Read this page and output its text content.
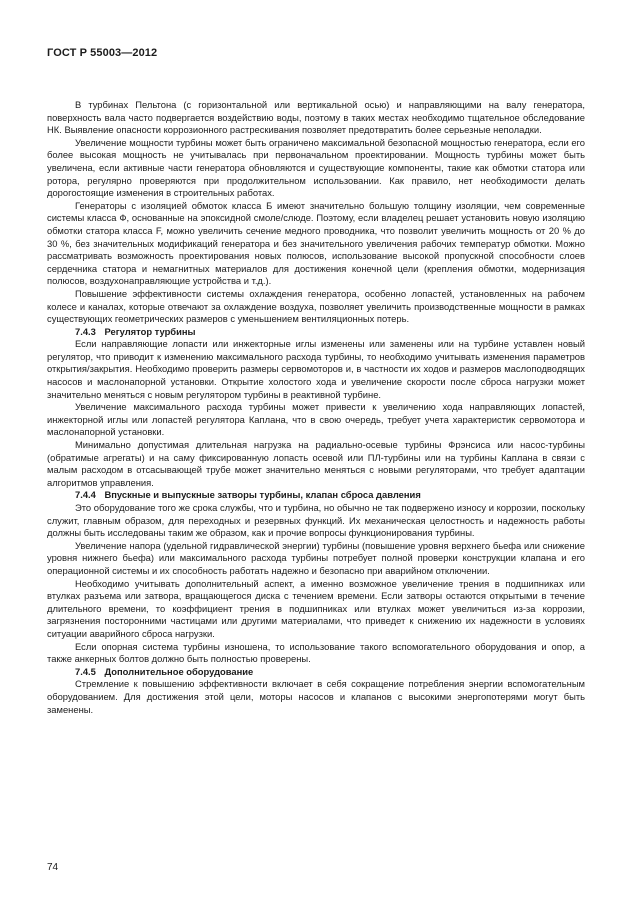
ГОСТ Р 55003—2012

В турбинах Пельтона (с горизонтальной или вертикальной осью) и направляющими на валу генератора, поверхность вала часто подвергается воздействию воды, поэтому в таких местах необходимо тщательное обследование НК. Выявление опасности коррозионного растрескивания позволяет предотвратить более серьезные неполадки.

Увеличение мощности турбины может быть ограничено максимальной безопасной мощностью генератора, если его более высокая мощность не учитывалась при первоначальном проектировании. Мощность турбины может быть увеличена, если активные части генератора обновляются и существующие компоненты, такие как обмотки статора или ротора, регулярно проверяются при продолжительном использовании. Как правило, нет необходимости делать дорогостоящие изменения в строительных работах.

Генераторы с изоляцией обмоток класса Б имеют значительно большую толщину изоляции, чем современные системы класса Ф, основанные на эпоксидной смоле/слюде. Поэтому, если владелец решает установить новую изоляцию обмотки статора класса F, можно увеличить сечение медного проводника, что позволит увеличить мощность от 20 % до 30 %, без значительных модификаций генератора и без значительного увеличения рабочих температур обмотки. Можно рассматривать возможность проектирования новых полюсов, использование высокой пропускной способности слоев сердечника статора и немагнитных материалов для достижения конечной цели (крепления обмотки, модернизация полюсов, воздухонаправляющие устройства и т.д.).

Повышение эффективности системы охлаждения генератора, особенно лопастей, установленных на рабочем колесе и каналах, которые отвечают за охлаждение воздуха, позволяет увеличить производственные мощности в рамках существующих геометрических размеров с уменьшением вентиляционных потерь.

7.4.3 Регулятор турбины

Если направляющие лопасти или инжекторные иглы изменены или заменены или на турбине уставлен новый регулятор, что приводит к изменению максимального расхода турбины, то необходимо учитывать изменения параметров открытия/закрытия. Необходимо проверить размеры сервомоторов и, в частности их ходов и размеров маслоподводящих насосов и маслонапорной установки. Открытие холостого хода и увеличение скорости после сброса нагрузки может значительно меняться с новым регулятором турбины в реактивной турбине.

Увеличение максимального расхода турбины может привести к увеличению хода направляющих лопастей, инжекторной иглы или лопастей регулятора Каплана, что в свою очередь, требует учета характеристик сервомотора и маслонапорной установки.

Минимально допустимая длительная нагрузка на радиально-осевые турбины Фрэнсиса или насос-турбины (обратимые агрегаты) и на саму фиксированную лопасть осевой или ПЛ-турбины или на турбины Каплана в связи с малым расходом в отсасывающей трубе может значительно меняться с новыми регуляторами, что требует адаптации алгоритмов управления.

7.4.4 Впускные и выпускные затворы турбины, клапан сброса давления

Это оборудование того же срока службы, что и турбина, но обычно не так подвержено износу и коррозии, поскольку служит, главным образом, для переходных и резервных функций. Их механическая целостность и надежность работы должны быть исследованы таким же образом, как и прочие вопросы функционирования турбины.

Увеличение напора (удельной гидравлической энергии) турбины (повышение уровня верхнего бьефа или снижение уровня нижнего бьефа) или максимального расхода турбины потребует полной проверки конструкции клапана и его операционной системы и их способность работать надежно и безопасно при аварийном отключении.

Необходимо учитывать дополнительный аспект, а именно возможное увеличение трения в подшипниках или втулках разъема или затвора, вращающегося диска с течением времени. Если затворы остаются открытыми в течение длительного времени, то коэффициент трения в подшипниках или втулках может увеличиться из-за коррозии, загрязнения посторонними частицами или другими материалами, что приведет к снижению их надежности в условиях ситуации аварийного сброса нагрузки.

Если опорная система турбины изношена, то использование такого вспомогательного оборудования и опор, а также анкерных болтов должно быть полностью проверены.

7.4.5 Дополнительное оборудование

Стремление к повышению эффективности включает в себя сокращение потребления энергии вспомогательным оборудованием. Для достижения этой цели, моторы насосов и клапанов с высокими энергопотерями могут быть заменены.

74
